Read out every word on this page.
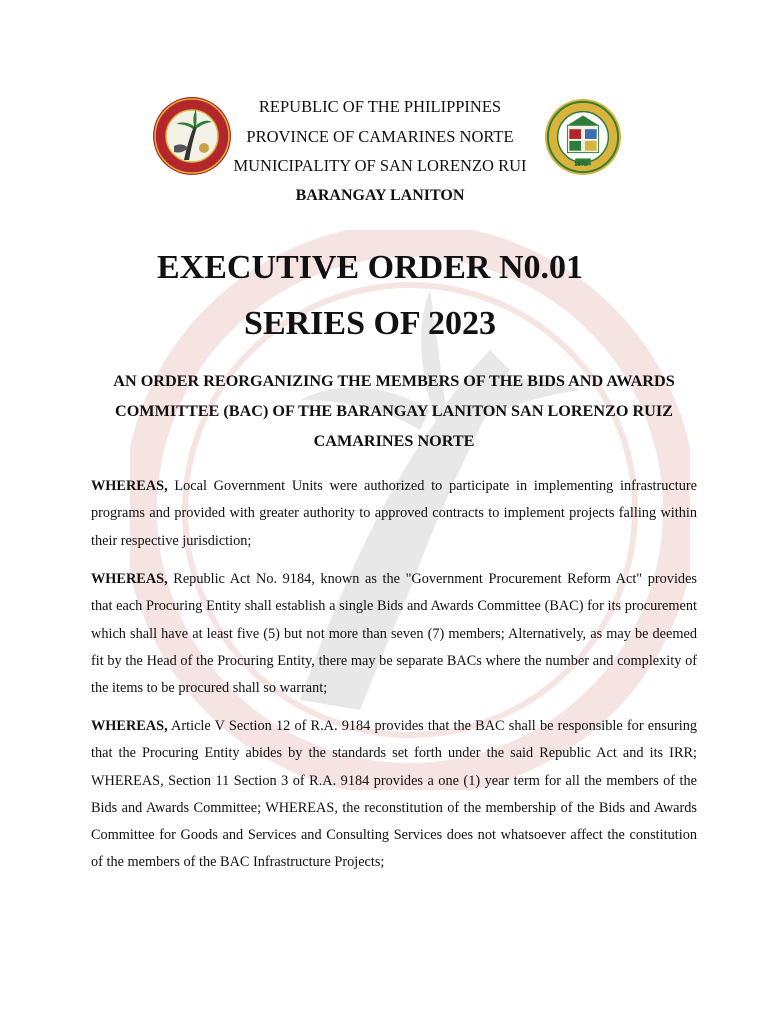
1972
REPUBLIC OF THE PHILIPPINES
PROVINCE OF CAMARINES NORTE
MUNICIPALITY OF SAN LORENZO RUI
BARANGAY LANITON
EXECUTIVE ORDER N0.01
SERIES OF 2023
AN ORDER REORGANIZING THE MEMBERS OF THE BIDS AND AWARDS COMMITTEE (BAC) OF THE BARANGAY LANITON SAN LORENZO RUIZ CAMARINES NORTE
WHEREAS, Local Government Units were authorized to participate in implementing infrastructure programs and provided with greater authority to approved contracts to implement projects falling within their respective jurisdiction;
WHEREAS, Republic Act No. 9184, known as the "Government Procurement Reform Act" provides that each Procuring Entity shall establish a single Bids and Awards Committee (BAC) for its procurement which shall have at least five (5) but not more than seven (7) members; Alternatively, as may be deemed fit by the Head of the Procuring Entity, there may be separate BACs where the number and complexity of the items to be procured shall so warrant;
WHEREAS, Article V Section 12 of R.A. 9184 provides that the BAC shall be responsible for ensuring that the Procuring Entity abides by the standards set forth under the said Republic Act and its IRR; WHEREAS, Section 11 Section 3 of R.A. 9184 provides a one (1) year term for all the members of the Bids and Awards Committee; WHEREAS, the reconstitution of the membership of the Bids and Awards Committee for Goods and Services and Consulting Services does not whatsoever affect the constitution of the members of the BAC Infrastructure Projects;
